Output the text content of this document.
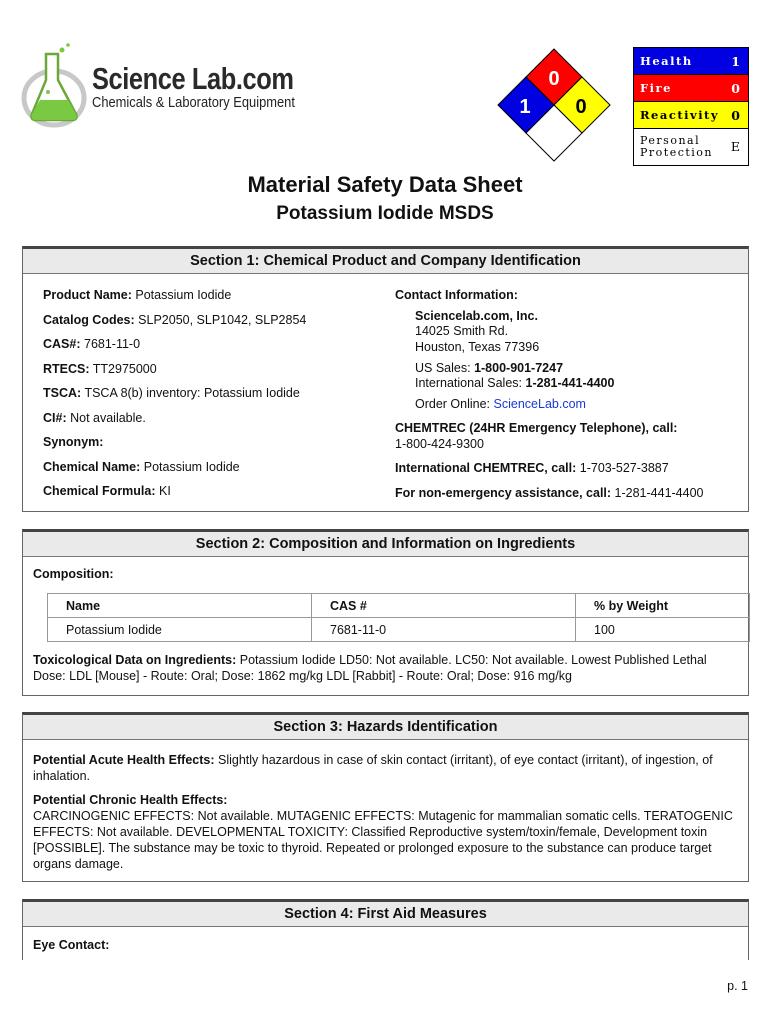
Science Lab.com
Chemicals & Laboratory Equipment
0
1 0
Health	1
Fire	0
Reactivity 0
Personal
Protection E
Material Safety Data Sheet
Potassium Iodide MSDS
Section 1: Chemical Product and Company Identification
Product Name: Potassium Iodide
Catalog Codes: SLP2050, SLP1042, SLP2854
CAS#: 7681-11-0
RTECS: TT2975000
TSCA: TSCA 8(b) inventory: Potassium Iodide
CI#: Not available.
Synonym:
Chemical Name: Potassium Iodide
Chemical Formula: KI
Contact Information:
Sciencelab.com, Inc.
14025 Smith Rd.
Houston, Texas 77396
US Sales: 1-800-901-7247
International Sales: 1-281-441-4400
Order Online: ScienceLab.com
CHEMTREC (24HR Emergency Telephone), call:
1-800-424-9300
International CHEMTREC, call: 1-703-527-3887
For non-emergency assistance, call: 1-281-441-4400
Section 2: Composition and Information on Ingredients
Composition:
Name	CAS #	% by Weight
Potassium Iodide	7681-11-0	100
Toxicological Data on Ingredients: Potassium Iodide LD50: Not available. LC50: Not available. Lowest Published Lethal Dose: LDL [Mouse] - Route: Oral; Dose: 1862 mg/kg LDL [Rabbit] - Route: Oral; Dose: 916 mg/kg
Section 3: Hazards Identification
Potential Acute Health Effects: Slightly hazardous in case of skin contact (irritant), of eye contact (irritant), of ingestion, of inhalation.
Potential Chronic Health Effects:
CARCINOGENIC EFFECTS: Not available. MUTAGENIC EFFECTS: Mutagenic for mammalian somatic cells. TERATOGENIC EFFECTS: Not available. DEVELOPMENTAL TOXICITY: Classified Reproductive system/toxin/female, Development toxin [POSSIBLE]. The substance may be toxic to thyroid. Repeated or prolonged exposure to the substance can produce target organs damage.
Section 4: First Aid Measures
Eye Contact:
p. 1
